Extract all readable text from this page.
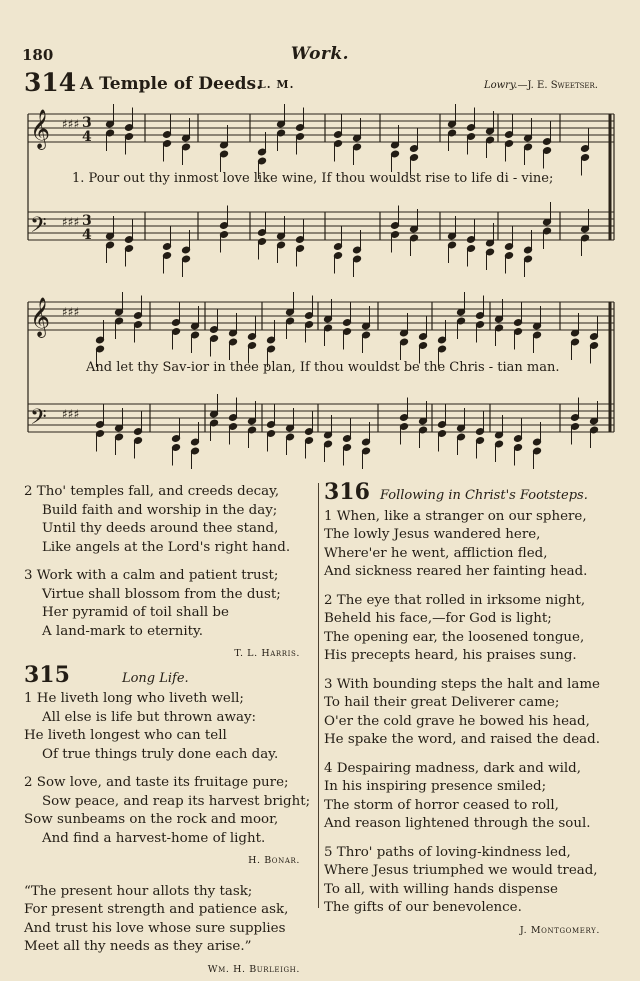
180	Work.
314 A Temple of Deeds.
L. M.	Lowry.—J. E. Sweetser.
𝄞 ♯♯♯
𝄢 ♯♯♯
𝄞 ♯♯♯
𝄢 ♯♯♯
3
4
3
4
1. Pour out thy inmost love like wine, If thou wouldst rise to life di - vine;
And let thy Sav-ior in thee plan, If thou wouldst be the Chris - tian man.
2 Tho' temples fall, and creeds decay,
Build faith and worship in the day;
Until thy deeds around thee stand,
Like angels at the Lord's right hand.
3 Work with a calm and patient trust;
Virtue shall blossom from the dust;
Her pyramid of toil shall be
A land-mark to eternity.
T. L. Harris.
315	Long Life.
1 He liveth long who liveth well;
All else is life but thrown away:
He liveth longest who can tell
Of true things truly done each day.
2 Sow love, and taste its fruitage pure;
Sow peace, and reap its harvest bright;
Sow sunbeams on the rock and moor,
And find a harvest-home of light.
H. Bonar.
“The present hour allots thy task;
For present strength and patience ask,
And trust his love whose sure supplies
Meet all thy needs as they arise.”
Wm. H. Burleigh.
316 Following in Christ's Footsteps.
1 When, like a stranger on our sphere,
The lowly Jesus wandered here,
Where'er he went, affliction fled,
And sickness reared her fainting head.
2 The eye that rolled in irksome night,
Beheld his face,—for God is light;
The opening ear, the loosened tongue,
His precepts heard, his praises sung.
3 With bounding steps the halt and lame
To hail their great Deliverer came;
O'er the cold grave he bowed his head,
He spake the word, and raised the dead.
4 Despairing madness, dark and wild,
In his inspiring presence smiled;
The storm of horror ceased to roll,
And reason lightened through the soul.
5 Thro' paths of loving-kindness led,
Where Jesus triumphed we would tread,
To all, with willing hands dispense
The gifts of our benevolence.
J. Montgomery.
